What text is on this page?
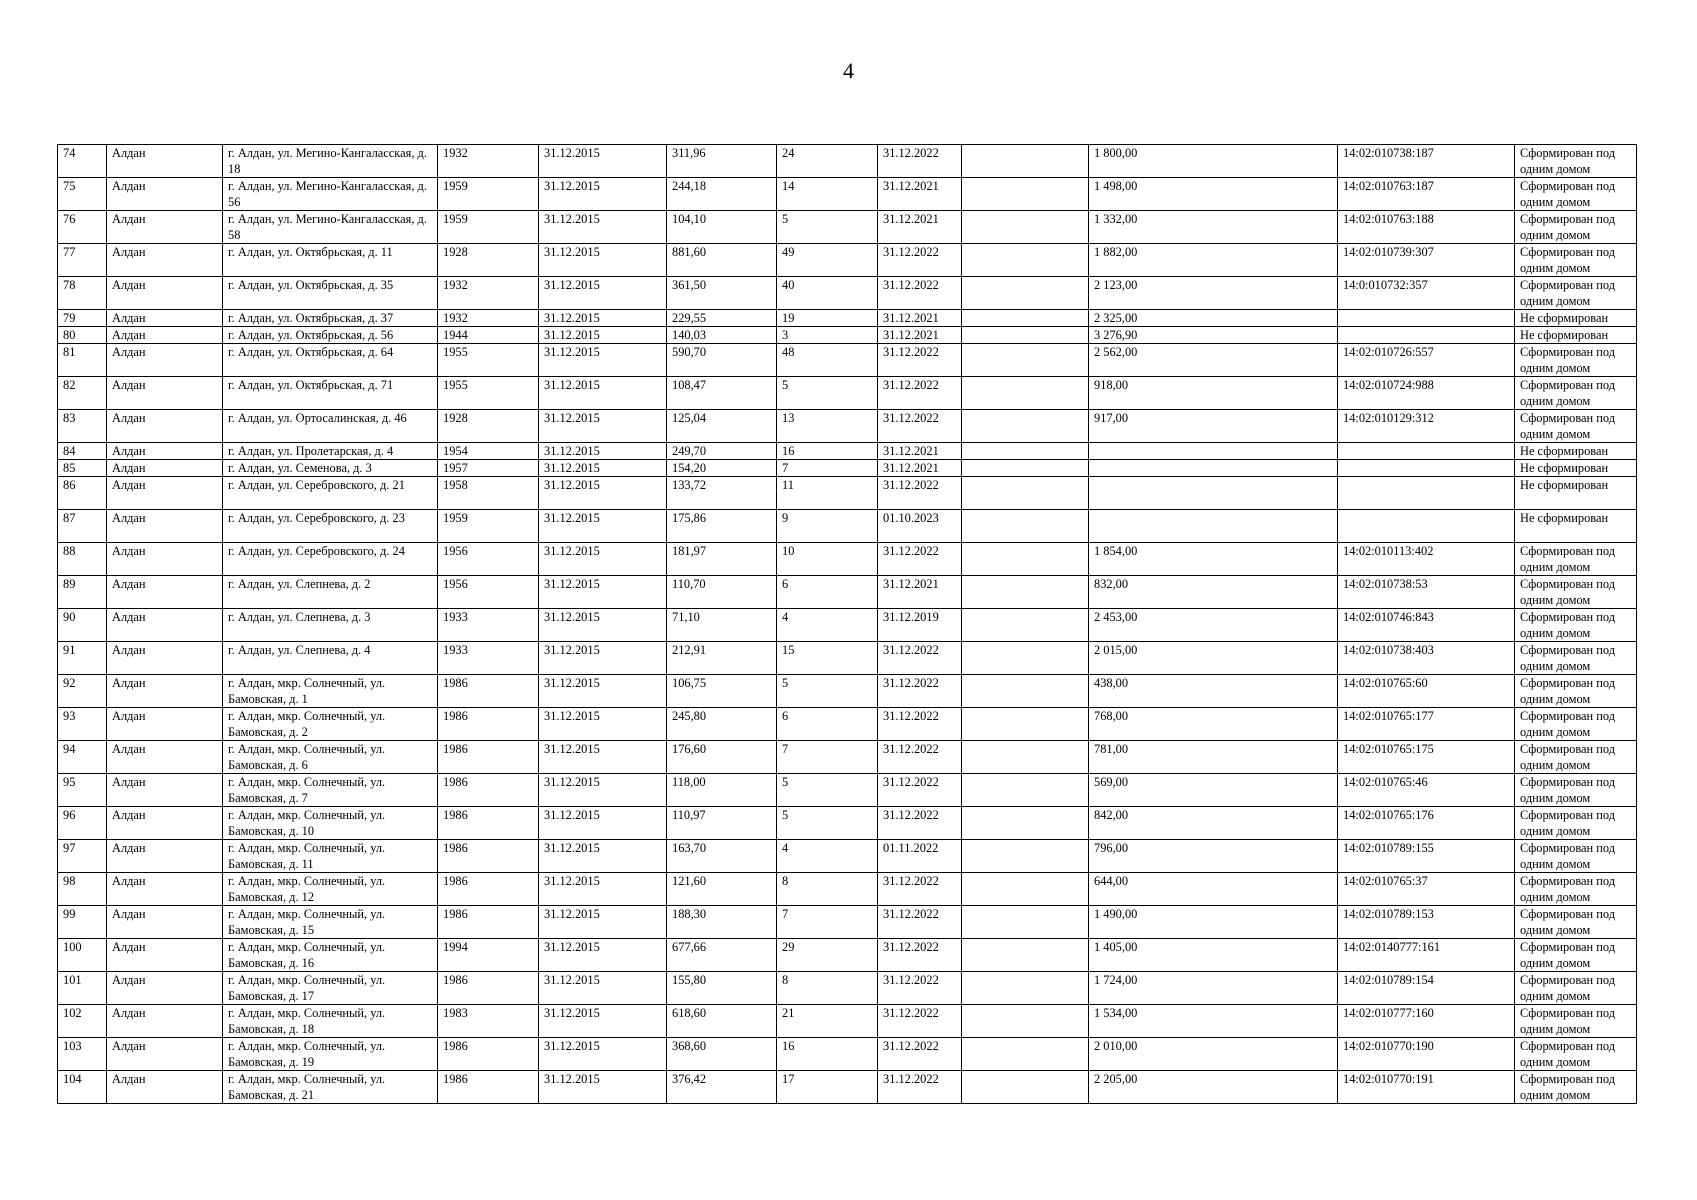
4
74	Алдан	г. Алдан, ул. Мегино-Кангаласская, д. 18	1932	31.12.2015	311,96	24	31.12.2022		1 800,00	14:02:010738:187	Сформирован под одним домом
75	Алдан	г. Алдан, ул. Мегино-Кангаласская, д. 56	1959	31.12.2015	244,18	14	31.12.2021		1 498,00	14:02:010763:187	Сформирован под одним домом
76	Алдан	г. Алдан, ул. Мегино-Кангаласская, д. 58	1959	31.12.2015	104,10	5	31.12.2021		1 332,00	14:02:010763:188	Сформирован под одним домом
77	Алдан	г. Алдан, ул. Октябрьская, д. 11	1928	31.12.2015	881,60	49	31.12.2022		1 882,00	14:02:010739:307	Сформирован под одним домом
78	Алдан	г. Алдан, ул. Октябрьская, д. 35	1932	31.12.2015	361,50	40	31.12.2022		2 123,00	14:0:010732:357	Сформирован под одним домом
79	Алдан	г. Алдан, ул. Октябрьская, д. 37	1932	31.12.2015	229,55	19	31.12.2021		2 325,00		Не сформирован
80	Алдан	г. Алдан, ул. Октябрьская, д. 56	1944	31.12.2015	140,03	3	31.12.2021		3 276,90		Не сформирован
81	Алдан	г. Алдан, ул. Октябрьская, д. 64	1955	31.12.2015	590,70	48	31.12.2022		2 562,00	14:02:010726:557	Сформирован под одним домом
82	Алдан	г. Алдан, ул. Октябрьская, д. 71	1955	31.12.2015	108,47	5	31.12.2022		918,00	14:02:010724:988	Сформирован под одним домом
83	Алдан	г. Алдан, ул. Ортосалинская, д. 46	1928	31.12.2015	125,04	13	31.12.2022		917,00	14:02:010129:312	Сформирован под одним домом
84	Алдан	г. Алдан, ул. Пролетарская, д. 4	1954	31.12.2015	249,70	16	31.12.2021				Не сформирован
85	Алдан	г. Алдан, ул. Семенова, д. 3	1957	31.12.2015	154,20	7	31.12.2021				Не сформирован
86	Алдан	г. Алдан, ул. Серебровского, д. 21	1958	31.12.2015	133,72	11	31.12.2022				Не сформирован
87	Алдан	г. Алдан, ул. Серебровского, д. 23	1959	31.12.2015	175,86	9	01.10.2023				Не сформирован
88	Алдан	г. Алдан, ул. Серебровского, д. 24	1956	31.12.2015	181,97	10	31.12.2022		1 854,00	14:02:010113:402	Сформирован под одним домом
89	Алдан	г. Алдан, ул. Слепнева, д. 2	1956	31.12.2015	110,70	6	31.12.2021		832,00	14:02:010738:53	Сформирован под одним домом
90	Алдан	г. Алдан, ул. Слепнева, д. 3	1933	31.12.2015	71,10	4	31.12.2019		2 453,00	14:02:010746:843	Сформирован под одним домом
91	Алдан	г. Алдан, ул. Слепнева, д. 4	1933	31.12.2015	212,91	15	31.12.2022		2 015,00	14:02:010738:403	Сформирован под одним домом
92	Алдан	г. Алдан, мкр. Солнечный, ул. Бамовская, д. 1	1986	31.12.2015	106,75	5	31.12.2022		438,00	14:02:010765:60	Сформирован под одним домом
93	Алдан	г. Алдан, мкр. Солнечный, ул. Бамовская, д. 2	1986	31.12.2015	245,80	6	31.12.2022		768,00	14:02:010765:177	Сформирован под одним домом
94	Алдан	г. Алдан, мкр. Солнечный, ул. Бамовская, д. 6	1986	31.12.2015	176,60	7	31.12.2022		781,00	14:02:010765:175	Сформирован под одним домом
95	Алдан	г. Алдан, мкр. Солнечный, ул. Бамовская, д. 7	1986	31.12.2015	118,00	5	31.12.2022		569,00	14:02:010765:46	Сформирован под одним домом
96	Алдан	г. Алдан, мкр. Солнечный, ул. Бамовская, д. 10	1986	31.12.2015	110,97	5	31.12.2022		842,00	14:02:010765:176	Сформирован под одним домом
97	Алдан	г. Алдан, мкр. Солнечный, ул. Бамовская, д. 11	1986	31.12.2015	163,70	4	01.11.2022		796,00	14:02:010789:155	Сформирован под одним домом
98	Алдан	г. Алдан, мкр. Солнечный, ул. Бамовская, д. 12	1986	31.12.2015	121,60	8	31.12.2022		644,00	14:02:010765:37	Сформирован под одним домом
99	Алдан	г. Алдан, мкр. Солнечный, ул. Бамовская, д. 15	1986	31.12.2015	188,30	7	31.12.2022		1 490,00	14:02:010789:153	Сформирован под одним домом
100	Алдан	г. Алдан, мкр. Солнечный, ул. Бамовская, д. 16	1994	31.12.2015	677,66	29	31.12.2022		1 405,00	14:02:0140777:161	Сформирован под одним домом
101	Алдан	г. Алдан, мкр. Солнечный, ул. Бамовская, д. 17	1986	31.12.2015	155,80	8	31.12.2022		1 724,00	14:02:010789:154	Сформирован под одним домом
102	Алдан	г. Алдан, мкр. Солнечный, ул. Бамовская, д. 18	1983	31.12.2015	618,60	21	31.12.2022		1 534,00	14:02:010777:160	Сформирован под одним домом
103	Алдан	г. Алдан, мкр. Солнечный, ул. Бамовская, д. 19	1986	31.12.2015	368,60	16	31.12.2022		2 010,00	14:02:010770:190	Сформирован под одним домом
104	Алдан	г. Алдан, мкр. Солнечный, ул. Бамовская, д. 21	1986	31.12.2015	376,42	17	31.12.2022		2 205,00	14:02:010770:191	Сформирован под одним домом
